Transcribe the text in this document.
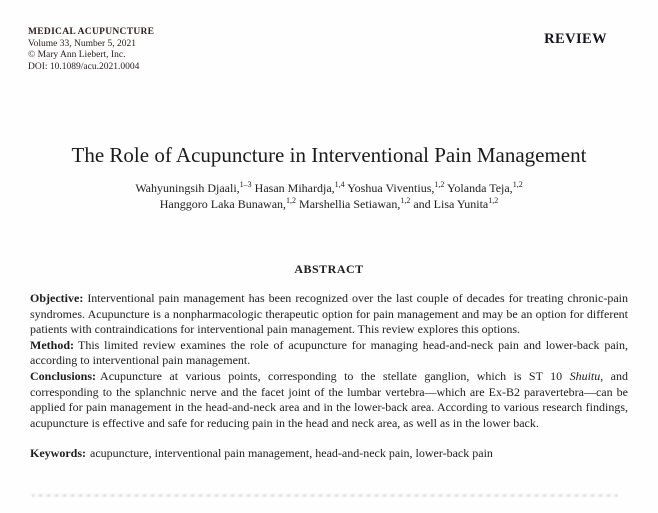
MEDICAL ACUPUNCTURE
Volume 33, Number 5, 2021
© Mary Ann Liebert, Inc.
DOI: 10.1089/acu.2021.0004
REVIEW
The Role of Acupuncture in Interventional Pain Management
Wahyuningsih Djaali,$^{1-3}$ Hasan Mihardja,$^{1,4}$ Yoshua Viventius,$^{1,2}$ Yolanda Teja,$^{1,2}$
Hanggoro Laka Bunawan,$^{1,2}$ Marshellia Setiawan,$^{1,2}$ and Lisa Yunita$^{1,2}$
ABSTRACT

Objective: Interventional pain management has been recognized over the last couple of decades for treating chronic-pain syndromes. Acupuncture is a nonpharmacologic therapeutic option for pain management and may be an option for different patients with contraindications for interventional pain management. This review explores this options.

Method: This limited review examines the role of acupuncture for managing head-and-neck pain and lower-back pain, according to interventional pain management.

Conclusions: Acupuncture at various points, corresponding to the stellate ganglion, which is ST 10 Shuitu, and corresponding to the splanchnic nerve and the facet joint of the lumbar vertebra—which are Ex-B2 paravertebra—can be applied for pain management in the head-and-neck area and in the lower-back area. According to various research findings, acupuncture is effective and safe for reducing pain in the head and neck area, as well as in the lower back.

Keywords: acupuncture, interventional pain management, head-and-neck pain, lower-back pain
